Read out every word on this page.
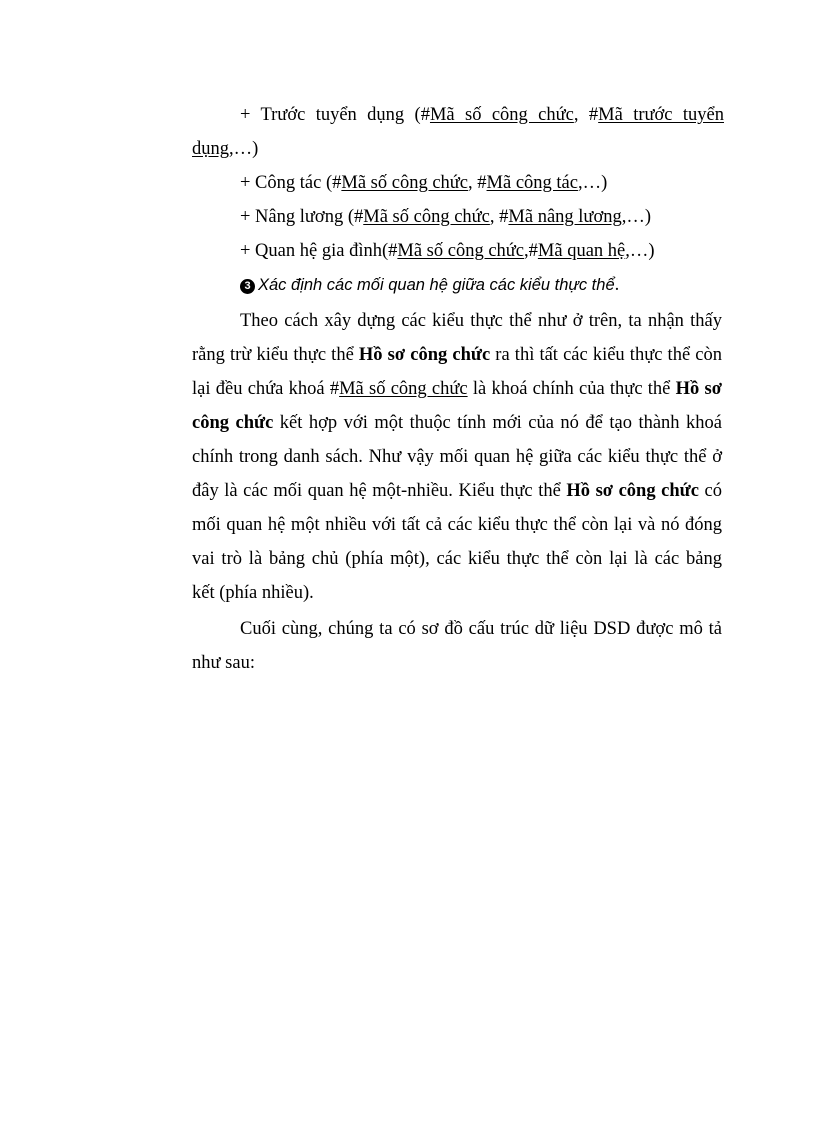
+ Trước tuyển dụng (#Mã số công chức, #Mã trước tuyển
dụng,…)
+ Công tác (#Mã số công chức, #Mã công tác,…)
+ Nâng lương (#Mã số công chức, #Mã nâng lương,…)
+ Quan hệ gia đình(#Mã số công chức,#Mã quan hệ,…)
3 Xác định các mối quan hệ giữa các kiểu thực thể.
Theo cách xây dựng các kiểu thực thể như ở trên, ta nhận thấy
rằng trừ kiểu thực thể Hồ sơ công chức ra thì tất các kiểu thực thể còn
lại đều chứa khoá #Mã số công chức là khoá chính của thực thể Hồ sơ
công chức kết hợp với một thuộc tính mới của nó để tạo thành khoá
chính trong danh sách. Như vậy mối quan hệ giữa các kiểu thực thể ở
đây là các mối quan hệ một-nhiều. Kiểu thực thể Hồ sơ công chức có
mối quan hệ một nhiều với tất cả các kiểu thực thể còn lại và nó đóng
vai trò là bảng chủ (phía một), các kiểu thực thể còn lại là các bảng
kết (phía nhiều).
Cuối cùng, chúng ta có sơ đồ cấu trúc dữ liệu DSD được mô tả
như sau:
